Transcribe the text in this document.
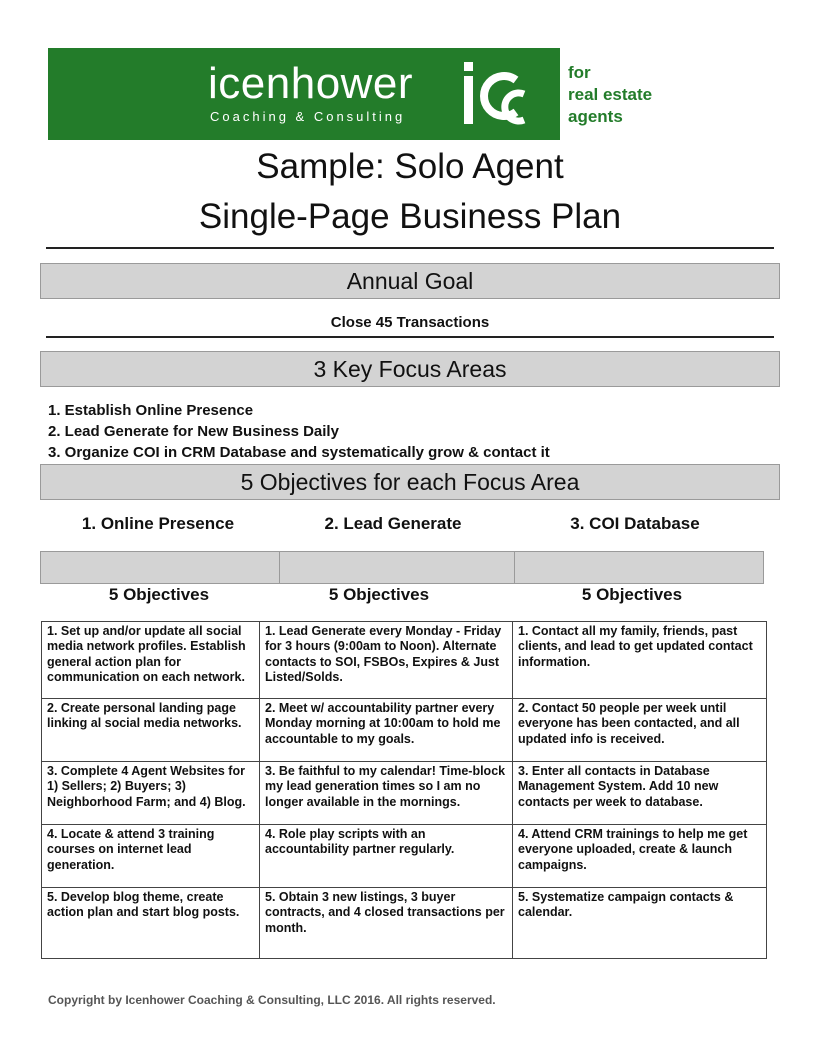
icenhower
Coaching & Consulting
for
real estate
agents
Sample: Solo Agent
Single-Page Business Plan
Annual Goal
Close 45 Transactions
3 Key Focus Areas
1. Establish Online Presence
2. Lead Generate for New Business Daily
3. Organize COI in CRM Database and systematically grow & contact it
5 Objectives for each Focus Area
1. Online Presence	2. Lead Generate	3. COI Database
5 Objectives	5 Objectives	5 Objectives
1. Set up and/or update all social media network profiles. Establish general action plan for communication on each network.	1. Lead Generate every Monday - Friday for 3 hours (9:00am to Noon). Alternate contacts to SOI, FSBOs, Expires & Just Listed/Solds.	1. Contact all my family, friends, past clients, and lead to get updated contact information.
2. Create personal landing page linking al social media networks.	2. Meet w/ accountability partner every Monday morning at 10:00am to hold me accountable to my goals.	2. Contact 50 people per week until everyone has been contacted, and all updated info is received.
3. Complete 4 Agent Websites for 1) Sellers; 2) Buyers; 3) Neighborhood Farm; and 4) Blog.	3. Be faithful to my calendar! Time-block my lead generation times so I am no longer available in the mornings.	3. Enter all contacts in Database Management System. Add 10 new contacts per week to database.
4. Locate & attend 3 training courses on internet lead generation.	4. Role play scripts with an accountability partner regularly.	4. Attend CRM trainings to help me get everyone uploaded, create & launch campaigns.
5. Develop blog theme, create action plan and start blog posts.	5. Obtain 3 new listings, 3 buyer contracts, and 4 closed transactions per month.	5. Systematize campaign contacts & calendar.
Copyright by Icenhower Coaching & Consulting, LLC 2016. All rights reserved.
